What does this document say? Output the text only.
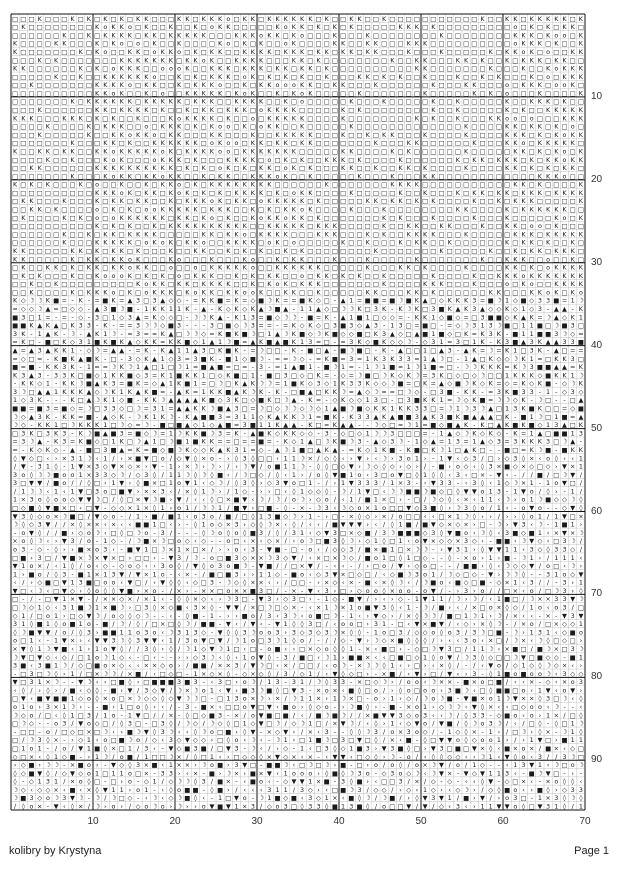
□ □ □ K □ □ □ K □ K □ K □ K □ K K □ □ □ K K □ K K K o □ K K □ K K K K K K □ K □ □ K K □ □ K □ □ □ □ □ □ □ □ □ □ □ K □ □ K K □ K K K K K □ K
□ K □ □ □ □ □ □ □ □ K o K K o □ K □ □ K □ □ K □ o K K □ □ □ □ □ K o K K □ K □ K □ K □ □ □ □ □ K K K □ K □ □ □ □ □ □ □ □ □ o □ K □ K □ K K □
□ □ □ □ □ □ K □ □ K □ K K K K □ K K □ K K K K K □ □ □ K K K o K K □ K o □ □ □ K □ □ □ K □ □ □ □ □ □ □ □ K □ □ □ □ □ □ □ □ K K K □ K o o □ K
K □ □ □ □ K K □ □ □ K □ K o □ o □ K □ □ K □ □ □ □ K o □ K □ K □ □ o K □ □ □ □ K K □ □ K K □ □ □ K K K □ □ □ □ □ □ □ □ □ □ o K K K □ K □ □ K
K □ □ □ □ □ □ □ K □ K o □ □ K K □ o K K o □ K □ K K □ □ K K K K □ K K K □ K K □ K K □ K K □ □ □ K □ □ □ K □ □ □ □ □ K □ K K o K □ o □ □ K K
□ □ □ K □ K □ □ □ □ □ □ □ K K K K K K K □ K K o K □ □ K K K K □ □ □ K K □ K □ □ □ □ □ □ □ □ K □ □ K K □ □ □ K K □ K □ □ K □ K K K □ K K □ □
K K □ □ □ □ □ □ K □ K □ o K K K □ □ o o o K □ □ K K K □ K K K □ K K □ K K □ K □ □ □ □ □ □ □ □ □ □ K K □ □ □ □ □ □ □ K □ □ □ K □ □ K o K K K
□ □ □ □ □ K □ □ K □ □ K K K K K K o □ □ K □ K □ K K K □ o K □ K □ K □ K □ □ K □ □ □ K K □ K □ K □ □ K □ □ □ K □ □ K □ K □ □ □ K □ o □ K K K
□ □ K □ □ □ □ □ □ □ K K K K o □ K K □ □ K □ K K K o □ □ K □ K K o o o K K □ □ K K □ □ □ K □ □ □ □ □ □ K □ □ □ K K □ □ □ o □ K K K □ o o K □
□ □ □ □ □ □ □ □ □ □ K K o K □ □ K □ o □ □ K K K K K □ K o K □ □ K □ K o K □ □ □ □ □ K □ □ □ □ □ □ □ K □ □ □ □ □ K □ K □ o □ □ □ K □ □ □ □ K
□ □ □ □ □ □ □ K □ K K K K K K □ K K K K K □ K K K □ □ K K K K □ □ K □ o □ □ □ □ □ K □ □ □ K □ □ □ □ □ K □ □ K □ □ □ □ □ K □ □ K K K □ K □ □
□ □ □ K □ □ □ □ □ □ K K □ K K K K □ K □ □ K □ K K □ K K K □ o K K K K □ □ □ □ □ K □ K □ □ □ □ □ □ □ □ K □ □ K □ □ □ □ □ K □ K □ □ K K K K K
K K K □ □ □ K K K □ K □ K □ □ K □ □ □ K o K K K K □ K □ □ o □ K K K K K □ □ □ □ K □ □ □ □ □ □ □ □ K □ K □ □ K □ □ □ K K o o □ o □ □ □ K K K
□ □ □ □ K □ □ □ □ K □ K K K □ □ o □ K K K □ K □ K o o □ K □ o K K □ □ K □ □ □ □ □ K □ □ □ □ □ □ □ □ □ □ □ □ □ K □ □ □ □ K K □ K K □ K □ o □
□ □ □ K □ □ □ □ □ K □ □ K K o K K o □ K K □ □ □ K K □ □ □ K □ □ K K K K K □ □ □ K □ □ K □ K K □ □ □ K □ □ □ □ K □ □ □ □ K K K □ K □ K o K K
□ □ □ □ □ □ □ K □ □ □ K K □ K □ □ K K K K K K □ o K o o □ K K □ K K □ K K □ □ □ □ □ □ □ K □ □ □ K K □ □ □ □ □ □ K □ □ □ K K o □ K K K K K □
K □ □ K K □ K K □ □ K K o K K K K K o K □ K K K K o o □ K K K K K K K □ □ □ □ □ K K □ □ □ □ K □ K □ □ □ □ □ □ K □ □ □ □ □ K K □ K □ K o □ K
□ □ □ □ K □ □ K □ □ □ K o K □ □ □ o K K K □ K □ □ □ K K K K □ o □ K □ K □ □ K K K □ K □ □ □ □ K □ □ □ □ □ □ K □ K K □ K K K □ K □ K K o K K
□ □ K K □ □ □ □ □ □ K K K K K K K K K K □ K □ K □ o K □ K □ K K □ o K □ K □ □ □ K K □ □ K □ □ K K □ K □ □ □ □ K □ □ □ □ K K □ K □ K □ K K □
□ □ □ □ □ □ □ K □ □ □ K o K K □ K K o K K □ □ K □ K K □ □ K K K o K □ □ K □ □ □ □ □ K □ □ □ K □ □ □ K K □ □ □ □ □ □ □ □ □ □ □ □ K K K o □ □
K □ K □ K □ □ □ K □ o □ □ K □ □ K □ K K o □ K □ K K K K K K K K □ □ □ □ □ □ K □ □ □ □ □ □ □ K K K K □ □ □ □ □ □ □ □ □ □ □ K K □ K □ □ □ □ K
□ □ □ □ □ □ □ □ □ □ K K K o K □ K K □ K o K □ K □ K □ K K K K □ K □ o K K □ □ □ □ K □ □ □ □ □ K □ □ K □ □ □ K □ K K □ K K □ K K K □ K K K K
□ K K □ □ □ K □ □ □ K □ K K □ K K □ □ K □ K K K o K □ K K □ o K K K K K □ K □ □ □ □ □ K K □ K K □ K □ K □ □ □ □ K □ □ K □ K K K □ □ □ □ □ K
□ □ K K □ K □ □ □ □ o □ K □ K □ o o K K K K K □ K K K □ □ K □ K □ K K o K □ □ □ □ K □ □ □ K □ □ □ □ □ □ □ □ K K □ □ □ □ K □ K K K K K K □ □
□ K □ □ □ □ K □ K □ o □ o K K K K K K □ K K □ K o □ K □ □ K o K K o K K □ K □ □ □ □ □ □ □ K □ K □ □ □ K □ □ □ □ K □ □ □ K □ □ □ □ □ K o □ K
□ □ □ □ □ □ □ □ □ □ K □ K □ K □ □ K □ K K K K K K K K K K □ □ K K K K K □ K K K □ □ □ □ □ K □ □ K K □ □ K K □ □ □ K □ □ K K □ o o □ K □ □ □
□ □ □ □ □ □ K □ □ K □ K K □ K K K K □ □ □ □ □ K K □ K K o □ K K K K □ □ □ K K K □ □ □ K □ K □ □ K K K K □ □ □ K □ □ □ □ □ K K K □ K K K K K
□ □ □ □ □ □ K □ □ □ K K K K K □ o K o K □ K K o □ □ K K K K □ o K □ o □ □ □ □ □ K □ □ K □ □ □ K □ K K □ □ K □ □ □ □ □ □ K □ K K □ K □ □ K □
K K □ □ □ □ □ K K □ K □ K K □ K □ □ □ K □ □ K K □ □ K □ K □ K □ □ K □ K □ □ □ □ □ □ □ □ K □ □ □ □ □ □ □ K □ □ □ □ □ K □ □ K □ K K □ K K K □
K K □ □ □ □ □ K □ K K □ K K o K □ □ □ K o □ □ □ K □ □ □ K o □ □ K □ K K □ □ □ K □ □ □ K □ □ □ □ □ K □ □ □ □ □ □ □ K □ □ K K K □ □ o □ □ K □
□ K □ □ K K □ K □ K K □ K K o K K □ □ o □ □ o □ K K K K K o □ □ K K K K K K □ □ □ □ □ K □ □ □ K K □ K □ □ □ □ K □ □ □ □ K K □ K □ o K K K K
□ K □ K □ □ □ K □ □ K o o o K □ K □ K □ o □ K K K □ □ K □ K □ K K □ □ o □ K K □ K □ K □ □ K □ □ □ □ □ K □ □ □ □ K □ □ K K K o K K K K K K K
□ □ K □ □ K □ □ □ □ □ □ □ □ □ K o K K □ K K □ K K K K □ □ K □ K o K □ K K K □ □ □ □ □ □ □ K □ □ □ □ K K K □ □ □ K □ □ □ o □ K o □ □ K K K K
□ □ K □ □ □ □ K □ K K K o □ K □ o K K K □ K o K K □ K K o o K □ □ K K □ □ K □ □ □ □ □ K K □ □ □ K K □ K □ □ □ □ □ □ K K □ □ □ K K o K □ K o
K ◇ ☽ ☽ K ■ = - K - = ■ K = ▲ 3 □ 3 ▲ ◇ ◇ - = K K ■ = K = ◇ ■ ☽ K = = ■ K ◇ □ - ▲ 1 = ■ ■ = ■ ☽ ■ K ▲ □ ◇ K K K 3 = ■ ☽ 1 ◇ ■ ◇ 3 3 ■ = 1 ☽
= ◇ ◇ ☽ ▲ = □ ◇ ◇ - ▲ 3 ■ ☽ ■ - 1 K K 1 1 K - ▲ - K ◇ K ◇ K ▲ ☽ ■ ▲ - 1 1 ▲ ◇ □ ☽ ☽ K □ 3 K - K ☽ K □ 3 ■ K ▲ K 3 ▲ ◇ ◇ K ◇ 1 ◇ 3 - ▲ ▲ - K
■ 3 □ 1 = - = - ◇ - 3 □ 1 ◇ 3 ▲ = K ◇ ◇ □ - ☽ ☽ K ▲ - K 1 3 = ■ ◇ ☽ ☽ - ■ = K - ▲ 1 ■ 1 □ ◇ ◇ = - K K 1 ◇ ■ ◇ = □ 3 ■ ■ ◇ K ▲ K = ☽ ▲ ◇ K 1
■ ■ K ▲ K ▲ □ K 3 3 - K - = = 3 ☽ ☽ ◇ ■ 3 - - - 3 □ ■ ◇ ☽ 3 = = - = K ◇ K ◇ □ 3 ■ 3 ◇ ▲ 3 - 1 3 □ = ■ □ - = ◇ ☽ 3 1 3 ☽ ■ □ 1 1 ■ □ ☽ ■ 3 □
3 K - 1 ▲ K - ☽ - ▲ K 1 ☽ - = 3 = = K ▲ □ ☽ ☽ ◇ = K ■ K ■ ☽ □ 1 ▲ ☽ K ■ ◇ ☽ K ■ ◇ ◇ ■ □ K 3 ▲ ◇ □ ▲ ■ 1 ■ ◇ □ K = K 3 K - ■ 1 1 ■ ■ 3 ☽ ◇ =
= K □ - ■ □ K ◇ 3 1 ■ K ■ K ▲ ◇ K K = K K ■ ◇ 1 ▲ 1 ☽ ■ = ▲ K ■ ▲ ■ K 1 3 = □ - = 3 K ◇ ■ K ◇ ◇ ☽ - ◇ 3 1 = 3 □ 1 K - K 3 ■ ▲ 3 K ▲ ▲ 3 3 ■
▲ = ▲ 3 ▲ K K 1 - ◇ ☽ = ▲ ▲ - = K - K ▲ 1 1 ▲ 3 □ K ■ K - = ☽ □ □ - K - ■ □ ▲ - ■ ☽ ■ □ - K - ▲ □ □ 1 □ ▲ 3 - ▲ K = ☽ = K 1 □ 3 K - ▲ □ = =
= ◇ □ = - K ■ K ▲ ■ K - □ - 3 ◇ K ▲ 1 ◇ 3 = 3 ■ K - ■ 1 ◇ ■ ☽ - = = ☽ ◇ - = K ■ = 3 = 1 K 3 K 3 3 = 1 ▲ ☽ □ - 1 ▲ □ K ◇ ◇ ☽ K 1 = □ K K 3 □
■ = ■ - K K 3 K - 1 = = ☽ K ☽ 1 ▲ □ 1 □ ☽ 1 = ■ ▲ ■ = □ = - 3 - = 1 ▲ ■ 1 - ■ ☽ 1 = - 1 ☽ 1 ■ = 1 ☽ 1 ■ = □ - ☽ ☽ K K K = K ☽ 3 ■ ■ ▲ ▲ = K
K 3 ▲ 3 - 3 3 K □ ■ ◇ 1 K K ■ ◇ 3 = K 1 ■ K K 1 □ ◇ K ■ □ 1 - ■ □ 3 □ ◇ □ K = - ◇ = ☽ ■ □ ☽ K ◇ K ☽ = 3 K □ ◇ □ ◇ ☽ □ □ 1 K K K ◇ ■ K K 1 ☽
- K K ◇ 1 - K K ☽ ■ ▲ K 3 = ■ K = ◇ ▲ 1 K ■ 1 = □ ☽ □ K ▲ K ☽ ☽ = 1 ■ K ◇ 3 ◇ 1 K 3 3 K ◇ ◇ ☽ ■ = □ K = ▲ ◇ ■ ☽ K ◇ K = ◇ = K ◇ K ■ - ◇ ☽ K
3 ☽ □ ▲ ▲ 1 K K K ▲ ◇ ☽ K 1 K ▲ K ■ = - ▲ K = 1 K K ■ ▲ K ☽ K - K - □ ■ ▲ □ K K ☽ = ▲ ◇ ☽ = = □ ☽ ◇ - □ 3 ■ - K K - = 3 K ■ 3 3 - 1 - ◇ 3 ◇
1 ◇ 3 K - - - K □ ▲ ☽ K 1 ◇ ■ - K K ☽ ▲ ▲ ▲ ▲ K ■ ◇ 3 K □ ◇ ■ K □ ☽ ▲ - K = - ◇ K ◇ ◇ 1 3 □ - □ 3 ■ K K 1 = ☽ ◇ K ■ = ☽ ☽ ◇ K - ☽ □ - - □ ▲
■ ■ = ■ 3 = ■ ◇ = ☽ □ 3 3 ◇ □ ☽ = 3 1 = ▲ ▲ K K ☽ ■ ▲ 3 □ = ☽ □ ◇ ☽ ☽ ◇ ☽ ◇ 1 ▲ ■ ☽ ■ ◇ K K 1 K K 3 3 □ = ☽ 1 ☽ 3 ☽ ▲ □ 1 3 K ■ K □ □ = ◇ ■
☽ ◇ ▲ 3 K - K K = ■ - ▲ ◇ K - ☽ K 1 K ☽ - K ▲ ■ ■ 3 = 3 1 1 ◇ K ▲ K K ☽ 1 = ■ K - K 3 3 ▲ K ▲ ■ ■ 3 ▲ K 3 ■ K ■ ▲ ▲ ▲ □ K - ■ 1 ☽ □ 1 ■ = ▲
☽ ◇ - K K 1 □ ☽ K K K 1 □ ☽ ◇ = ☽ - ■ □ ■ ▲ ◇ 1 ◇ ▲ ■ = 3 ■ 1 1 K ▲ ▲ - K □ = K ▲ ▲ - - ☽ ◇ □ = ☽ 1 = ■ ◇ ■ ▲ K - K □ ▲ K ■ K ■ ◇ 1 3 ▲ □ K
□ 3 K □ 3 K 3 - K ☽ ■ ▲ ■ 3 = ■ ◇ ☽ = 1 ☽ K K ■ ☽ 3 = K - ▲ ■ K ◇ K K ◇ ◇ - 3 - ◇ □ ◇ 1 ☽ ☽ 3 □ □ □ = - 1 ▲ ◇ ☽ K ◇ K ◇ - K = 1 ▲ □ ■ ■ 1 3
= 3 ☽ ▲ - K 3 = K ■ ◇ □ 1 K □ ☽ ▲ 1 □ ☽ ■ 1 ■ K K = = □ = = ■ = - K ◇ 1 ▲ □ ☽ K ■ ☽ 3 - ▲ ◇ 3 ☽ - 1 ◇ ▲ = 1 3 = 1 ▲ ◇ 3 = 3 K K K 3 □ ☽ ▲ -
= - K ◇ K ◇ - ▲ - ■ □ 3 ■ ▲ = K = ■ ◇ ■ ☽ K ◇ ◇ K ▲ K 3 1 = ◇ - ▲ ☽ 1 ■ □ ▲ K ▲ - = K ◇ 1 K ■ - K ■ □ K ☽ 1 □ ▲ K □ - - ■ □ = K ☽ ■ - ■ K K
◊ ▼ ◇ □ ‹ › × 3 1 ☽ ‹ 1 ∕ › × ■ ▼ □ o ∕ ◇ ▼ ◊ × o - › ◊ 3 ◊ □ □ ‹ 1 1 ☽ × ∕ ◇ ◊ ‹ › ▼ › ‹ ☽ › 3 o 1 › - 1 ▼ ‹ ◇ 3 ∕ □ › ◇ 3 ◊ × ‹ o ◊ ‹ ‹ 1
∕ ▼ - 3 1 ◊ - 1 ▼ × 3 ◇ ▼ × ◇ × › ▼ - 1 › × ☽ › ☽ › ∕ › ☽ ▼ ∕ o ■ 1 1 ☽ - ◊ ◊ □ ◇ ▼ › ☽ ◇ ◊ ◇ › ◇ › ∕ - ■ › o ◇ ‹ ◊ 3 × ■ ◇ × ◇ □ ◇ › ▼ × 1
3 o ◊ ☽ ☽ ■ o o 1 × 3 3 ◇ ☽ ∕ ◇ 3 ◊ ∕ 1 1 ☽ ◊ ☽ ◊ ■ ‹ ∕ ☽ □ ◇ ∕ ◊ ‹ 1 › ∕ o ◊ ▼ ■ 1 o ‹ 3 □ o ▼ □ ◊ 1 ◊ ◊ ‹ 3 ‹ □ × - ▼ ‹ - ∕ ∕ ■ ∕ □ ☽ ▼ ∕
3 □ ▼ ▼ ∕ ■ o ∕ ∕ ◊ □ ‹ 1 ▼ › ◊ ■ × □ 1 o ▼ 1 ‹ ◇ ☽ ∕ ◊ 3 ◊ › ◇ 3 ▼ o □ 1 - ∕ › 1 ▼ 3 3 3 ∕ 1 × 3 - ‹ ▼ 3 3 - ‹ 3 ◊ ‹ 1 ◇ ☽ × 1 - 1 o ▼ □ ∕
∕ 1 ☽ ☽ ‹ 1 ‹ 1 ▼ □ 3 o □ ■ ▼ › × × 3 ‹ ∕ × ◊ 1 ☽ › ∕ 1 ◇ - › › □ ‹ ◊ 1 ◇ ◇ ◊ - ☽ ∕ 1 ▼ □ ‹ ☽ ☽ ■ ■ ☽ ■ ◇ □ ◊ ▼ ▼ o 1 3 - 1 ▼ o ∕ ◊ › - 1 ∕
1 × 3 o ◊ o o ◇ ▼ ▼ ☽ □ ∕ ◊ □ × ▼ ☽ ■ › ▼ ∕ ‹ ‹ ◊ □ × ■ ▼ ‹ ☽ ∕ ☽ ∕ o ☽ › ◇ o ∕ ‹ 1 ∕ ■ 1 × □ › - □ ∕ ☽ ◇ ◊ ‹ × ‹ 1 1 ‹ ☽ › o 1 ☽ ■ ◇ ◇ ☽ ◊
□ ◇ ■ ◊ ▼ ■ × □ ‹ □ ▼ - ◇ ◇ × 1 × ◊ 1 › o 1 ∕ ☽ ☽ 1 ∕ ■ ▼ › □ ■ - ◊ - × - ☽ 3 ‹ ☽ ◇ o × 1 o □ □ ▼ ◇ 3 ■ ◊ › ☽ 3 ◊ o ∕ 1 ‹ - o ▼ o - - ◇ ▼ ◊
▼ 3 ◊ ◇ o × ☽ ■ □ ∕ ▼ ◇ o - ∕ 1 › ■ ∕ ■ 1 ‹ o 3 o ∕ ■ ∕ □ ◊ 1 3 ■ ◇ ☽ › 1 - › □ - × ◊ ◇ › × ∕ o □ □ ‹ ‹ □ × 1 ☽ ◊ › › ∕ › › ◊ o 1 ∕ 1 ▼ □ ×
☽ ◊ ◇ 3 ▼ ∕ ∕ × ◊ × × ‹ × ‹ ‹ ■ ■ 1 □ ‹ › - ◊ 1 o ◇ × 3 › ◇ ◊ ☽ × ‹ ◊ ∕ ‹ ‹ ∕ ■ ▼ ▼ ▼ › ‹ ∕ ◊ 1 ■ ∕ ■ ▼ ◇ × ◇ × › □ - ☽ › ▼ 3 ‹ ☽ - 1 ■ 1 ›
- o ▼ ◊ ∕ ∕ ■ › ◇ o ☽ ‹ □ ◊ □ ☽ o - 3 ∕ - - - ◊ ☽ o ◊ o ◊ ■ 3 ∕ ◊ ∕ 3 1 ‹ ◇ ▼ 3 □ × ◇ ■ ∕ 3 ☽ ■ ■ ■ ◇ 3 ◊ ▼ ■ o › ☽ ◊ ‹ 3 ■ ◇ ■ 1 ‹ × ▼ × ☽
× o ◊ ☽ ‹ › ▼ 3 ∕ o - 1 ◇ - ∕ ☽ ■ × ☽ □ o ◇ ‹ ◇ - - o □ ‹ × ‹ ◇ × ∕ ‹ o ☽ □ ■ 3 ◊ ☽ › ◇ 1 ◊ □ 1 ‹ o ▼ × ◇ ◇ × 3 ◇ › - ■ ■ ‹ ☽ ▼ ◇ ‹ □ 3 ☽ ∕
o 3 - ◇ - ◊ › › ■ × o 3 ‹ - ■ ▼ 1 □ ☽ × 1 × □ × ∕ › › o ‹ 3 - ▼ ■ - □ - o ‹ ∕ ◇ ◇ 3 ∕ ■ × ■ 1 □ × ☽ ☽ - › ▼ 3 1 › ◊ ▼ ▼ 1 1 ‹ 3 ◇ ◊ 3 3 ◇ ∕
□ ■ › 3 □ ∕ ▼ ■ × ☽ × ▼ × □ › □ □ › - ▼ 3 ∕ ☽ - o □ ■ 3 ◇ × × ☽ 3 ◇ ▼ ∕ ‹ × □ × ☽ ◇ ∕ ■ o 1 □ ◊ 1 □ ◇ - - ◊ - × o › 1 › ■ - ☽ 1 › ∕ 1 1 1 ‹
▼ 1 o × ∕ ‹ 1 ◊ ∕ o ‹ ◇ - ◇ o ◇ ‹ › 3 o ◊ ∕ ▼ ◊ o 3 o ■ ☽ - ▼ ■ ∕ ∕ □ × ▼ ∕ - ‹ ‹ - ∕ › □ o ∕ ▼ › ◇ o □ - - ∕ ■ ■ › ◊ ‹ ☽ ◇ ◇ ▼ ∕ o □ ‹ ☽ ›
1 › ■ o ∕ ◊ 3 - ■ 1 × 1 3 ▼ ∕ ▼ × 1 o - ‹ × - ∕ ■ □ ■ 3 › › 1 1 ◇ - ■ o ‹ ◇ 3 ▼ × □ ◇ □ ∕ ‹ ◇ ■ ☽ 3 o 1 ∕ ☽ ◇ □ ◇ - ▼ › ☽ ☽ ◊ - - 3 1 o ◇ ▼
‹ ∕ › ◇ ■ □ ▼ 1 3 ■ □ o o ‹ ▼ □ ∕ ‹ ▼ ◊ ◊ ‹ ◇ □ 3 - ☽ ◇ ◊ × × ‹ › ∕ □ □ - › × ◇ ‹ × - ■ ‹ × ◊ ☽ ‹ ∕ ☽ ■ o ‹ ■ ◇ □ ■ - ◇ × 1 ‹ 3 ∕ ∕ - 3 › 1
▼ □ ‹ ☽ ‹ □ ▼ ◇ › ◊ o ◊ ◊ ▼ ■ › × o - ∕ × › - × × □ o × × ■ 3 □ ∕ - × - ▼ ‹ 3 › □ › ◇ o o ◊ × o o - o ▼ ∕ - › 3 › o ∕ ∕ □ × ‹ o ∕ □ ☽ 3 › ◊
□ - ∕ - □ ▼ 1 × ▼ - ∕ × × ◇ × ∕ × 1 ‹ - ◊ ◊ × ◇ ‹ › ☽ 3 □ - ▼ 3 › ◇ 3 □ › - 1 ◇ - ■ ▼ ∕ › ‹ › ◇ - 1 ▼ 1 1 ∕ ☽ › ☽ ∕ ‹ 1 ■ □ ∕ ☽ × × 3 3 ▼ ☽
□ ☽ ◇ 1 ◇ ‹ 3 1 ■ ☽ 1 × ■ ☽ › □ 3 ◊ × ◇ ■ ‹ 3 × ◊ - ▼ ▼ ∕ × □ ☽ □ ◇ × - ‹ × 1 ☽ × 1 o ■ ▼ 3 ◊ ‹ 1 - ☽ ∕ ■ › ‹ ∕ × □ o × ◊ ◇ ∕ 1 o ‹ o 3 ∕ □
◇ 1 ∕ □ o 1 › □ ◇ ▼ ☽ ∕ o ◇ ◊ ◇ ☽ - - ‹ - ◊ ■ - 1 - › ‹ ■ o ∕ 3 ‹ 3 ☽ ‹ o ■ □ ☽ - 1 ‹ › ▼ ◇ › ∕ × ◊ ☽ ☽ ∕ ■ □ 1 ☽ 1 › ☽ ∕ × ‹ ‹ - × - ▼ 3 ▼
3 1 ◊ ■ 1 ◊ o ■ 1 o - ■ ∕ ☽ ∕ ◊ ∕ □ × □ ◊ ☽ ∕ ■ ■ - ▼ ‹ ∕ ▼ ‹ - ▼ 1 ◊ ◊ 3 □ ∕ ‹ o o □ › 3 1 - □ ‹ ▼ × ■ ▼ ∕ ‹ ◇ › × ◊ ☽ - ∕ × o ∕ □ × ◇ ◇ 1
◊ ☽ ■ ▼ ▼ ∕ o ∕ ◊ 3 › ■ ■ 1 1 o 3 o ‹ ☽ 3 1 3 ◇ - ▼ ◊ ◊ 3 ☽ o o 3 › 3 ◇ 3 ◇ 3 ☽ × ◊ ◊ - 1 o □ 3 ∕ ◇ ◇ o ◊ o 3 ∕ 3 ☽ □ ■ - ☽ › 1 3 1 ‹ ◇ ■ o
o □ 1 ‹ - 1 ▼ × › ‹ ▼ ▼ 3 ☽ ◊ 3 ▼ ▼ ‹ 1 ∕ 3 o ▼ □ ▼ ∕ ☽ 1 o □ 3 ☽ 1 ◊ o ∕ - ∕ ∕ ◇ - ▼ › ☽ ◇ × ■ ◊ ◊ ◊ ∕ › ‹ ‹ 3 o ‹ × □ ∕ ☽ × ‹ ☽ ◊ □ ◇ □ ›
× ▼ ◊ 1 ☽ ▼ ■ ‹ 1 › 1 o ▼ ◊ ∕ ∕ 3 ◊ › ◊ ∕ ☽ 1 ◇ ▼ ☽ 1 □ ‹ □ - o ■ ‹ › □ × ◇ o ◊ ◊ 1 - × ‹ ■ □ › - ◇ □ ☽ ▼ 3 □ ∕ 1 1 ☽ ‹ × ■ □ ∕ ■ ☽ × □ 3 ☽
☽ ▼ □ ▼ ◇ ‹ ◇ ∕ □ 1 o ☽ 1 ◇ ‹ - □ ‹ - - › › ◇ 3 ☽ ‹ ◊ ‹ 1 o ▼ ◊ - 3 ∕ ■ □ ‹ ☽ 1 › ■ ■ × ‹ ‹ □ ■ □ ◇ 1 ◊ o ▼ ∕ ☽ 3 ◊ ◇ □ □ ☽ ▼ □ ■ ◇ ◇ - ■ 1
3 ■ ‹ 3 ■ 1 ☽ ∕ ◇ □ ■ o × ◇ ‹ ‹ × × ◇ o › ∕ ■ ■ ∕ × × 3 ∕ ▼ ☽ □ ‹ × ∕ □ □ ∕ ‹ o ☽ - × ☽ ☽ ◊ 1 ‹ › □ › ‹ × ◊ ∕ - ∕ ‹ ▼ o ∕ ◇ 1 ◇ ◊ ☽ ◇ × ‹ ›
- □ 3 □ ☽ ◊ › 1 ∕ □ × ☽ ☽ ∕ × ■ ∕ ‹ □ ◇ □ - 1 × ◇ × ◊ - ◇ × ◇ ◊ ∕ 3 ∕ ◇ 1 ∕ ‹ ▼ ◊ ◇ □ › - × ■ ∕ ‹ ▼ › □ ∕ ▼ ‹ › 3 - ◊ 1 ■ o ■ o o ☽ ‹ 3 ◇ ◇
▼ □ 3 1 × ☽ - - ▼ ☽ ‹ ‹ □ ■ ◊ › □ ■ ■ ■ 3 ■ 3 - ‹ 3 □ › o ☽ ∕ 1 3 - 3 1 ∕ ☽ ◊ 3 3 - × □ ◇ ☽ › ∕ o o ‹ ☽ × × - ■ × o □ ■ ∕ ‹ ‹ × - ◇ ‹ × o 3
‹ ◊ ∕ › ◊ › ∕ ■ ‹ ◇ ◊ - ■ › ▼ ∕ 3 ◇ ▼ ∕ ☽ × ☽ o 1 ‹ ▼ ‹ ■ 3 ☽ ■ ◊ □ ▼ 3 - × o × ‹ ■ ◊ □ o ∕ › ◊ o □ o o › 3 ■ ☽ ‹ □ ◊ ■ ■ □ o ‹ 1 ▼ ‹ o ▼ ›
□ ▼ ‹ ■ ▼ ■ ■ 1 ◇ o ◊ × o □ × ☽ ◇ ◇ ◊ ◇ ▼ ☽ ☽ □ - □ 1 3 o × ☽ › × ∕ ☽ 1 1 × › 1 ☽ × □ - o › 1 › ◇ ∕ ☽ o ☽ ■ - ▼ ■ × o 1 ☽ ▼ × × ◊ 3 □ ☽ ‹ ◊
o 1 o › 3 × 1 ☽ › - - ■ › 1 □ o ◊ › ‹ ∕ - 3 - ■ × ‹ □ □ o ▼ □ ▼ ‹ ■ o › ◊ ◇ o - › ☽ ■ ◊ › - ■ - × o 1 › ◇ ☽ ☽ ‹ ▼ ◊ × ‹ ‹ □ ◇ o o ‹ ☽ - - ‹
☽ ◇ o ∕ □ ‹ ◊ 1 □ 3 ∕ 1 o - 1 ▼ □ ∕ ∕ × - ◊ □ ◇ ■ 3 - × ∕ o ▼ ■ □ ■ ∕ ‹ ∕ ■ ☽ ■ ☽ ∕ ∕ × ■ ▼ ▼ 3 ◇ o 3 ‹ ‹ ☽ ∕ ◊ 3 3 - ◇ ■ o ‹ o › 1 × ∕ □ ◊
□ ☽ ◇ - - o 3 ∕ ▼ o ◇ □ ∕ ◊ 3 □ - □ 3 ◊ ∕ ☽ ◇ ∕ ☽ ◇ ◊ □ 1 ◇ ▼ □ ☽ ∕ ◇ ☽ 1 □ ∕ × ▼ ☽ ∕ ‹ ◊ › 1 ‹ ◇ ▼ o ∕ ▼ ■ ∕ ◊ ☽ o 3 ☽ ∕ ‹ ∕ □ ◊ - ◊ □ 1 ☽
- □ □ - o ∕ □ ◇ □ × □ ☽ ‹ › ■ ☽ ▼ ◊ 3 ☽ ‹ ‹ ◊ ☽ o □ ■ › ◊ ▼ - × ◇ ▼ › ∕ × ‹ 3 - - ◊ ◊ ☽ 3 ∕ o × 3 o ◇ ∕ - 1 ◇ ◊ × - 1 › ∕ □ ☽ › ◊ × - ☽ 1 ◊
□ ∕ ☽ 3 ◊ × - › ◇ 1 ‹ o □ ■ ☽ o ∕ ◇ ‹ 3 ◇ ▼ ◇ ◇ › □ ◊ o ‹ ☽ ‹ - ☽ 1 › □ 1 ■ ☽ □ 3 □ ▼ □ ◊ ∕ × ‹ ■ - ◊ □ ▼ ▼ o ◊ ◇ o o 1 › ∕ › 1 ▼ □ › ■ 1 1
□ 1 o 1 - ∕ o ∕ ▼ 1 ■ ◊ × □ 1 ∕ 3 ‹ - ▼ ◇ ■ 3 ■ ∕ □ ▼ 3 - ☽ ‹ ∕ › ◇ - 1 ‹ □ 3 ◊ ◇ 1 ■ 3 › ▼ 3 ■ ◊ □ › ▼ 3 □ ■ □ ▼ × ◊ ‹ ■ × o × ∕ ■ × ‹ ◇ □
◇ □ × ‹ ◊ 1 ◇ ■ - › 1 ☽ ∕ o ■ ∕ 1 □ □ ☽ × ∕ ◊ □ 1 ‹ › □ ◇ ◇ ◊ × ▼ ◇ × ‹ × - ‹ ▼ ▼ ‹ □ ◇ ◊ › ☽ - o ∕ ‹ ◊ ◊ ◇ ◇ ‹ › ☽ 1 ‹ ▼ ◊ o ‹ 3 ∕ ∕ 3 ☽ □
› ◇ ■ › ☽ ☽ - × ■ o › - ▼ ◇ ◊ 3 × ■ ‹ 1 × × › ☽ o ■ › 3 ▼ □ - ■ ■ ☽ ‹ □ ☽ □ ☽ › ■ - □ › o ∕ o ◊ ∕ o × ☽ ▼ ∕ o ∕ 1 ◇ - - ‹ 1 3 ▼ 1 ‹ ☽ □ o ☽
◊ ◇ ■ ▼ ◊ ∕ ◇ ▼ ◇ o 1 □ 1 1 o □ × - 3 3 › ‹ × - ■ › ☽ × › ■ × ▼ ‹ 1 o o o › ◊ ■ ◊ ☽ 3 o - ◇ 3 o ◇ ☽ ‹ ☽ ▼ × - ▼ ◇ ▼ 1 1 3 ‹ - ■ ☽ ▼ □ - › -
◊ - ◇ 1 3 1 ∕ × o ◊ □ - □ › o - ◇ 1 ∕ ◇ ☽ ☽ ◊ 3 ∕ ■ × - ‹ ■ o ‹ - ◇ ▼ ▼ 1 × ■ - 3 ◊ ■ › ‹ □ □ 3 ∕ × ∕ ◇ - ◇ - ‹ ‹ ◊ ▼ - ◇ □ × ‹ - × o ◊ ◊ ‹
☽ ◇ ‹ ◇ ◇ × ‹ ■ ‹ × ◊ ▼ 1 1 › o 1 - › ◊ o ■ ■ - ◊ ■ › ∕ ‹ ‹ ‹ 3 1 1 ∕ 3 ◇ › ‹ □ ■ ☽ 3 ∕ ◇ ◇ ∕ › ◇ ‹ 1 ◇ › ‹ ◇ ☽ › ∕ ◇ ◊ ■ o ‹ › ■ ◊ › ◇ 3 3
☽ ■ 3 ◇ o ☽ 3 ▼ ☽ - ☽ ∕ ☽ □ ◇ - ‹ ☽ ‹ ◇ ☽ ■ ◊ ‹ - 1 □ ▼ o - ☽ 1 ■ ◇ ■ ‹ 3 ◇ 1 × ‹ ■ ◊ ☽ ∕ ☽ ■ ∕ › ◊ ▼ 3 ▼ 1 ∕ ■ › ▼ ∕ › o 3 □ - 1 × 3 ◊ ☽ ◊
∕ ◊ o × - ▼ ‹ ◊ × ∕ ☽ › o › ∕ ◇ o ☽ o › ☽ › › o ▼ ■ ▼ 1 × 3 ∕ ◇ o 3 □ ◊ 3 3 ◊ ■ 1 3 ■ ◊ ∕ o □ □ ▼ ∕ ▼ ∕ ◇ ‹ 3 ‹ › 1 1 ▼ ▼ o ◊ □ ▼ 3 1 ◊ ∕ 1
10
20
30
40
50
60
70
80
90
10	20	30	40	50	60	70
kolibry by Krystyna	Page 1
